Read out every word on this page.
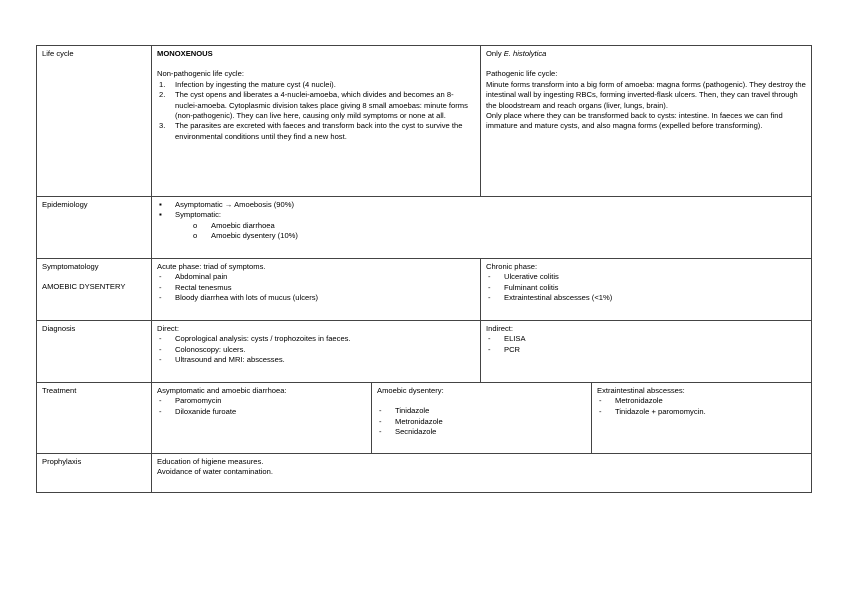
Life cycle	MONOXENOUS
Non-pathogenic life cycle:
1. Infection by ingesting the mature cyst (4 nuclei).
2. The cyst opens and liberates a 4-nuclei-amoeba, which divides and becomes an 8-nuclei-amoeba. Cytoplasmic division takes place giving 8 small amoebas: minute forms (non-pathogenic). They can live here, causing only mild symptoms or none at all.
3. The parasites are excreted with faeces and transform back into the cyst to survive the environmental conditions until they find a new host.
Only E. histolytica
Pathogenic life cycle:
Minute forms transform into a big form of amoeba: magna forms (pathogenic). They destroy the intestinal wall by ingesting RBCs, forming inverted-flask ulcers. Then, they can travel through the bloodstream and reach organs (liver, lungs, brain).
Only place where they can be transformed back to cysts: intestine. In faeces we can find immature and mature cysts, and also magna forms (expelled before transforming).
Epidemiology
▪	Asymptomatic → Amoebosis (90%)
▪ Symptomatic:
o Amoebic diarrhoea
o Amoebic dysentery (10%)
Symptomatology
AMOEBIC DYSENTERY
Acute phase: triad of symptoms.
- Abdominal pain
- Rectal tenesmus
- Bloody diarrhea with lots of mucus (ulcers)
Chronic phase:
- Ulcerative colitis
- Fulminant colitis
- Extraintestinal abscesses (<1%)
Diagnosis	Direct:
- Coprological analysis: cysts / trophozoites in faeces.
- Colonoscopy: ulcers.
- Ultrasound and MRI: abscesses.
Indirect:
- ELISA
- PCR
Treatment	Asymptomatic and amoebic diarrhoea:
- Paromomycin
- Diloxanide furoate
Amoebic dysentery:
- Tinidazole
- Metronidazole
- Secnidazole
Extraintestinal abscesses:
- Metronidazole
- Tinidazole + paromomycin.
Prophylaxis	Education of higiene measures.
Avoidance of water contamination.
